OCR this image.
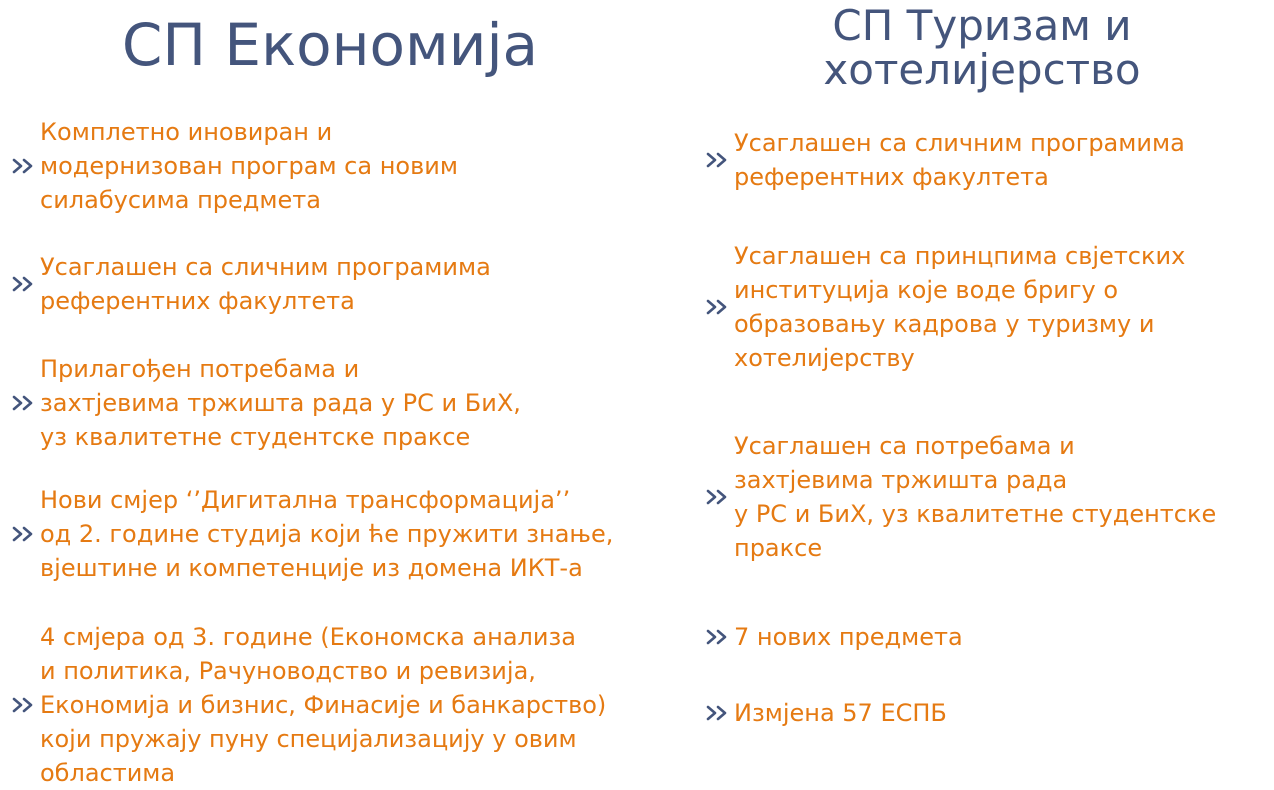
СП Економија
Комплетно иновиран и
модернизован програм са новим
силабусима предмета
Усаглашен са сличним програмима
референтних факултета
Прилагођен потребама и
захтјевима тржишта рада у РС и БиХ,
уз квалитетне студентске праксе
Нови смјер ‘’Дигитална трансформација’’
од 2. године студија који ће пружити знање,
вјештине и компетенције из домена ИКТ-а
4 смјера од 3. године (Економска анализа
и политика, Рачуноводство и ревизија,
Економија и бизнис, Финасије и банкарство)
који пружају пуну специјализацију у овим
областима
СП Туризам и
хотелијерство
Усаглашен са сличним програмима
референтних факултета
Усаглашен са принцпима свјетских
институција које воде бригу о
образовању кадрова у туризму и
хотелијерству
Усаглашен са потребама и
захтјевима тржишта рада
у РС и БиХ, уз квалитетне студентске
праксе
7 нових предмета
Измјена 57 ЕСПБ
